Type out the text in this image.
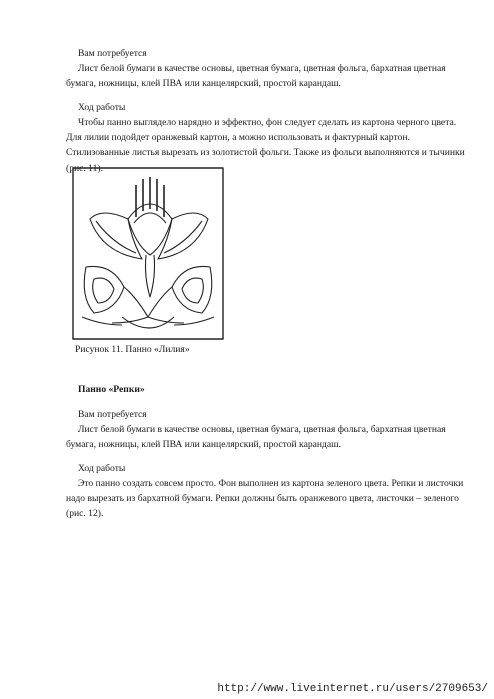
Вам потребуется

Лист белой бумаги в качестве основы, цветная бумага, цветная фольга, бархатная цветная бумага, ножницы, клей ПВА или канцелярский, простой карандаш.

Ход работы

Чтобы панно выглядело нарядно и эффектно, фон следует сделать из картона черного цвета. Для лилии подойдет оранжевый картон, а можно использовать и фактурный картон. Стилизованные листья вырезать из золотистой фольги. Также из фольги выполняются и тычинки (рис. 11).

Рисунок 11. Панно «Лилия»

Панно «Репки»

Вам потребуется

Лист белой бумаги в качестве основы, цветная бумага, цветная фольга, бархатная цветная бумага, ножницы, клей ПВА или канцелярский, простой карандаш.

Ход работы

Это панно создать совсем просто. Фон выполнен из картона зеленого цвета. Репки и листочки надо вырезать из бархатной бумаги. Репки должны быть оранжевого цвета, листочки – зеленого (рис. 12).

http://www.liveinternet.ru/users/2709653/
